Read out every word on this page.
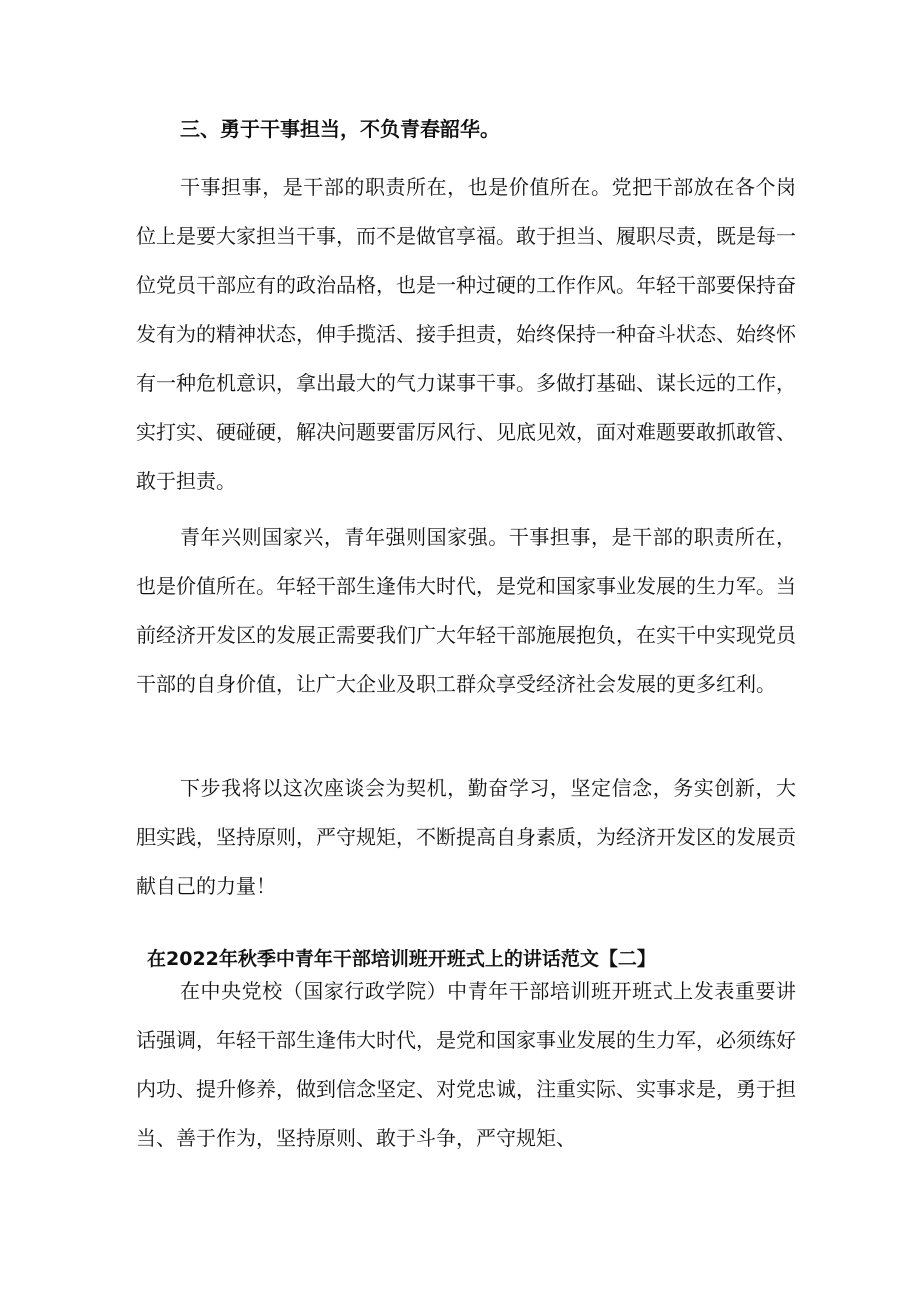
三、勇于干事担当，不负青春韶华。

干事担事，是干部的职责所在，也是价值所在。党把干部放在各个岗位上是要大家担当干事，而不是做官享福。敢于担当、履职尽责，既是每一位党员干部应有的政治品格，也是一种过硬的工作作风。年轻干部要保持奋发有为的精神状态，伸手揽活、接手担责，始终保持一种奋斗状态、始终怀有一种危机意识，拿出最大的气力谋事干事。多做打基础、谋长远的工作，实打实、硬碰硬，解决问题要雷厉风行、见底见效，面对难题要敢抓敢管、敢于担责。

青年兴则国家兴，青年强则国家强。干事担事，是干部的职责所在，也是价值所在。年轻干部生逢伟大时代，是党和国家事业发展的生力军。当前经济开发区的发展正需要我们广大年轻干部施展抱负，在实干中实现党员干部的自身价值，让广大企业及职工群众享受经济社会发展的更多红利。

下步我将以这次座谈会为契机，勤奋学习，坚定信念，务实创新，大胆实践，坚持原则，严守规矩，不断提高自身素质，为经济开发区的发展贡献自己的力量！

在2022年秋季中青年干部培训班开班式上的讲话范文【二】

在中央党校（国家行政学院）中青年干部培训班开班式上发表重要讲话强调，年轻干部生逢伟大时代，是党和国家事业发展的生力军，必须练好内功、提升修养，做到信念坚定、对党忠诚，注重实际、实事求是，勇于担当、善于作为，坚持原则、敢于斗争，严守规矩、
